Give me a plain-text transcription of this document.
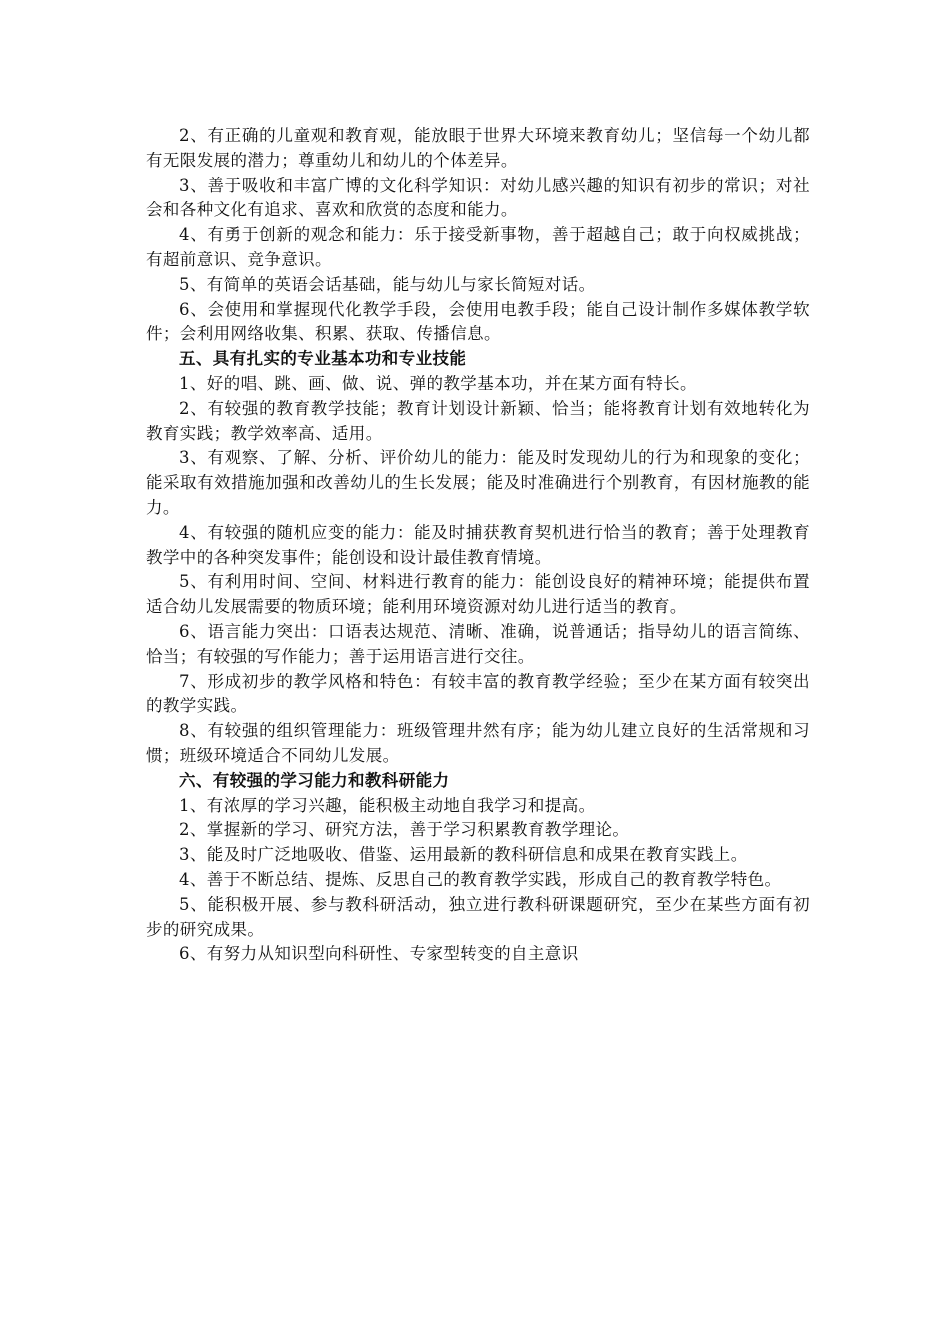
2、有正确的儿童观和教育观，能放眼于世界大环境来教育幼儿；坚信每一个幼儿都有无限发展的潜力；尊重幼儿和幼儿的个体差异。

3、善于吸收和丰富广博的文化科学知识：对幼儿感兴趣的知识有初步的常识；对社会和各种文化有追求、喜欢和欣赏的态度和能力。

4、有勇于创新的观念和能力：乐于接受新事物，善于超越自己；敢于向权威挑战；有超前意识、竞争意识。

5、有简单的英语会话基础，能与幼儿与家长简短对话。

6、会使用和掌握现代化教学手段，会使用电教手段；能自己设计制作多媒体教学软件；会利用网络收集、积累、获取、传播信息。

五、具有扎实的专业基本功和专业技能

1、好的唱、跳、画、做、说、弹的教学基本功，并在某方面有特长。

2、有较强的教育教学技能；教育计划设计新颖、恰当；能将教育计划有效地转化为教育实践；教学效率高、适用。

3、有观察、了解、分析、评价幼儿的能力：能及时发现幼儿的行为和现象的变化；能采取有效措施加强和改善幼儿的生长发展；能及时准确进行个别教育，有因材施教的能力。

4、有较强的随机应变的能力：能及时捕获教育契机进行恰当的教育；善于处理教育教学中的各种突发事件；能创设和设计最佳教育情境。

5、有利用时间、空间、材料进行教育的能力：能创设良好的精神环境；能提供布置适合幼儿发展需要的物质环境；能利用环境资源对幼儿进行适当的教育。

6、语言能力突出：口语表达规范、清晰、准确，说普通话；指导幼儿的语言简练、恰当；有较强的写作能力；善于运用语言进行交往。

7、形成初步的教学风格和特色：有较丰富的教育教学经验；至少在某方面有较突出的教学实践。

8、有较强的组织管理能力：班级管理井然有序；能为幼儿建立良好的生活常规和习惯；班级环境适合不同幼儿发展。

六、有较强的学习能力和教科研能力

1、有浓厚的学习兴趣，能积极主动地自我学习和提高。

2、掌握新的学习、研究方法，善于学习积累教育教学理论。

3、能及时广泛地吸收、借鉴、运用最新的教科研信息和成果在教育实践上。

4、善于不断总结、提炼、反思自己的教育教学实践，形成自己的教育教学特色。

5、能积极开展、参与教科研活动，独立进行教科研课题研究，至少在某些方面有初步的研究成果。

6、有努力从知识型向科研性、专家型转变的自主意识
